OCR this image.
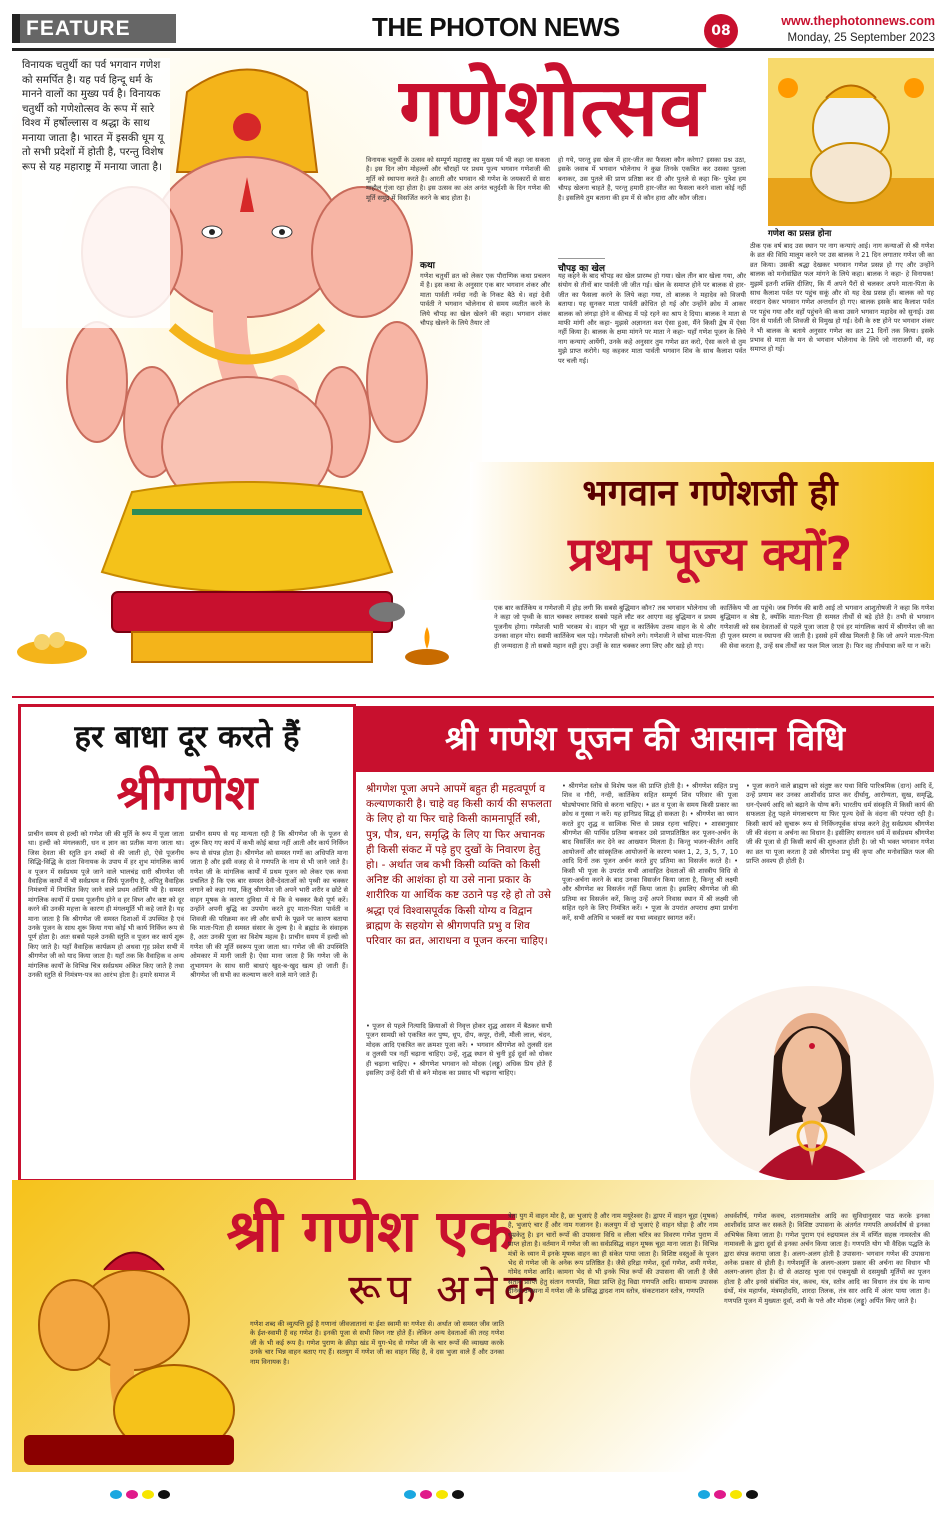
FEATURE	THE PHOTON NEWS	08
www.thephotonnews.com
Monday, 25 September 2023
विनायक चतुर्थी का पर्व भगवान गणेश को समर्पित है। यह पर्व हिन्दू धर्म के मानने वालों का मुख्य पर्व है। विनायक चतुर्थी को गणेशोत्सव के रूप में सारे विश्व में हर्षोल्लास व श्रद्धा के साथ मनाया जाता है। भारत में इसकी धूम यू तो सभी प्रदेशों में होती है, परन्तु विशेष रूप से यह महाराष्ट्र में मनाया जाता है।
गणेशोत्सव
विनायक चतुर्थी के उत्सव को सम्पूर्ण महाराष्ट्र का मुख्य पर्व भी कहा जा सकता है। इस दिन लोग मोहल्लों और चौराहों पर प्रथम पूज्य भगवान गणेशजी की मूर्ति को स्थापना करते है। आरती और भगवान श्री गणेश के जयकारों से सारा माहौल गूंजा रहा होता है। इस उत्सव का अंत अनंत चतुर्दशी के दिन गणेश की मूर्ति समुद्र में विसर्जित करने के बाद होता है।
हो गये, परन्तु इस खेल में हार-जीत का फैसला कौन करेगा? इसका प्रश्न उठा, इसके जवाब में भगवान भोलेनाथ ने कुछ तिनके एकत्रित कर उसका पुतला बनाकर, उस पुतले की प्राण प्रतिष्ठा कर दी और पुतले से कहा कि- पुत्रेश हम चौपड़ खेलना चाहते है, परन्तु हमारी हार-जीत का फैसला करने वाला कोई नहीं है। इसलिये तुम बताना की हम में से कौन हारा और कौन जीता।
कथा
गणेश चतुर्थी व्रत को लेकर एक पौराणिक कथा प्रचलन में है। इस कथा के अनुसार एक बार भगवान शंकर और माता पार्वती नर्मदा नदी के निकट बैठे थे। वहां देवी पार्वती ने भगवान भोलेनाथ से समय व्यतीत करने के लिये चौपड़ का खेल खेलने की कहा। भगवान शंकर चौपड़ खेलने के लिये तैयार तो
चौपड़ का खेल
यह कहने के बाद चौपड़ का खेल प्रारम्भ हो गया। खेल तीन बार खेला गया, और संयोग से तीनों बार पार्वती जी जीत गई। खेल के समाप्त होने पर बालक से हार-जीत का फैसला करने के लिये कहा गया, तो बालक ने महादेव को विजयी बताया। यह सुनकर माता पार्वती क्रोधित हो गई और उन्होंने क्रोध में आकर बालक को लंगड़ा होने व कीचड़ में पड़े रहने का श्राप दे दिया। बालक ने माता से माफी मांगी और कहा- मुझसे अज्ञानता वश ऐसा हुआ, मैंने किसी द्वेष में ऐसा नहीं किया है। बालक के क्षमा मांगने पर माता ने कहा- यहाँ गणेश पूजन के लिये नाग कन्याएं आयेंगी, उनके कहे अनुसार तुम गणेश व्रत करो, ऐसा करने से तुम मुझे प्राप्त करोगे। यह कहकर माता पार्वती भगवान शिव के साथ कैलाश पर्वत पर चली गई।
गणेश का प्रसन्न होना
ठीक एक वर्ष बाद उस स्थान पर नाग कन्याएं आई। नाग कन्याओं से श्री गणेश के व्रत की विधि मालूम करने पर उस बालक ने 21 दिन लगातार गणेश जी का व्रत किया। उसकी श्रद्धा देखकर भगवान गणेश प्रसन्न हो गए और उन्होंने बालक को मनोवांछित फल मांगने के लिये कहा। बालक ने कहा- हे विनायक! मुझमें इतनी शक्ति दीजिए, कि मैं अपने पैरों से चलकर अपने माता-पिता के साथ कैलाश पर्वत पर पहुंच सकूं और वो यह देख प्रसन्न हों। बालक को यह वरदान देकर भगवान गणेश अन्तर्धान हो गए। बालक इसके बाद कैलाश पर्वत पर पहुंच गया और वहाँ पहुंचने की कथा उसने भगवान महादेव को सुनाई। उस दिन से पार्वती जी शिवजी से विमुख हो गई। देवी के रुष्ट होने पर भगवान शंकर ने भी बालक के बताये अनुसार गणेश का व्रत 21 दिनों तक किया। इसके प्रभाव से माता के मन से भगवान भोलेनाथ के लिये जो नाराजगी थी, वह समाप्त हो गई।
भगवान गणेशजी ही
प्रथम पूज्य क्यों?
एक बार कार्तिकेय व गणेशजी में होड़ लगी कि सबसे बुद्धिमान कौन? तब भगवान भोलेनाथ जी ने कहा जो पृथ्वी के सात चक्कर लगाकर सबसे पहले लौट कर आएगा वह बुद्धिमान व प्रथम पूजनीय होगा। गणेशजी भारी भरकम थे। वाहन भी चूहा व कार्तिकेय उत्तम वाहन के थे और उनका वाहन मोर। स्वामी कार्तिकेय चल पड़े। गणेशजी सोचने लगे। गणेशजी ने सोचा माता-पिता ही जन्मदाता है तो सबसे महान वही हुए। उन्हीं के सात चक्कर लगा लिए और खड़े हो गए।
कार्तिकेय भी आ पहुंचे। जब निर्णय की बारी आई तो भगवान आशुतोषजी ने कहा कि गणेश बुद्धिमान व श्रेष्ठ है, क्योंकि माता-पिता ही समस्त तीर्थों से बड़े होते है। तभी से भगवान गणेशजी को सब देवताओं से पहले पूजा जाता है एवं हर मांगलिक कार्य में श्रीगणेश जी का ही पूजन स्मरण व स्थापना की जाती है। इससे हमें सीख मिलती है कि जो अपने माता-पिता की सेवा करता है, उन्हें सब तीर्थों का फल मिल जाता है। फिर वह तीर्थयात्रा करें या न करें।
हर बाधा दूर करते हैं
श्रीगणेश
प्राचीन समय से हल्दी को गणेश जी की मूर्ति के रूप में पूजा जाता था। हल्दी को मंगलकारी, धन व ज्ञान का प्रतीक माना जाता था। जिस देवता की स्तुति इन शब्दों से की जाती हो, ऐसे पूजनीय सिद्धि-विद्धि के दाता विनायक के उपाय में हर शुभ मांगलिक कार्य व पूजन में सर्वप्रथम पूजे जाने वाले भालचंद्र धारी श्रीगणेश जी वैवाहिक कार्यों में भी सर्वप्रथम व सिर्फ पूजनीय है, अपितु वैवाहिक निमंत्रणों में निमंत्रित किए जाने वाले प्रथम अतिथि भी है। समस्त मांगलिक कार्यों में प्रथम पूजनीय होने व हर विघ्न और कष्ट को दूर करने की उनकी महत्ता के कारण ही मंगलमूर्ति भी कहे जाते है। यह माना जाता है कि श्रीगणेश जी समस्त दिशाओं में उपस्थित है एवं उनके पूजन के साथ शुरू किया गया कोई भी कार्य निर्विघ्न रूप से पूर्ण होता है। अतः सबसे पहले उनकी स्तुति व पूजन कर कार्य शुरू किए जाते है। यहाँ वैवाहिक कार्यक्रम हो अथवा गृह प्रवेश सभी में श्रीगणेश जी को याद किया जाता है। यहाँ तक कि वैवाहिक व अन्य मांगलिक कार्यों के विभिन्न चित्र सर्वप्रथम अंकित किए जाते है तथा उनकी स्तुति से निमंत्रण-पत्र का आरंभ होता है। हमारे समाज में
प्राचीन समय से यह मान्यता रही है कि श्रीगणेश जी के पूजन से शुरू किए गए कार्य में कभी कोई बाधा नहीं आती और कार्य निर्विघ्न रूप से संपन्न होता है। श्रीगणेश को समस्त गणों का अधिपति माना जाता है और इसी वजह से वे गणपति के नाम से भी जाने जाते है। गणेश जी के मांगलिक कार्यों में प्रथम पूजन को लेकर एक कथा प्रचलित है कि एक बार समस्त देवी-देवताओं को पृथ्वी का चक्कर लगाने को कहा गया, किंतु श्रीगणेश जी अपने भारी शरीर व छोटे से वाहन मूषक के कारण दुविधा में थे कि वे चक्कर कैसे पूर्ण करें। उन्होंने अपनी बुद्धि का उपयोग करते हुए माता-पिता पार्वती व शिवजी की परिक्रमा कर ली और सभी के पूछने पर कारण बताया कि माता-पिता ही समस्त संसार के तुल्य है। वे ब्रह्मांड के संवाहक है, अतः उनकी पूजा का विशेष महत्व है। प्राचीन समय में हल्दी को गणेश जी की मूर्ति स्वरूप पूजा जाता था। गणेश जी की उपस्थिति ओमकार में मानी जाती है। ऐसा माना जाता है कि गणेश जी के शुभागमन के साथ सारी बाधाएं खुद-ब-खुद खत्म हो जाती हैं। श्रीगणेश जी सभी का कल्याण करने वाले माने जाते हैं।
श्री गणेश पूजन की आसान विधि
श्रीगणेश पूजा अपने आपमें बहुत ही महत्वपूर्ण व कल्याणकारी है। चाहे वह किसी कार्य की सफलता के लिए हो या फिर चाहे किसी कामनापूर्ति स्त्री, पुत्र, पौत्र, धन, समृद्धि के लिए या फिर अचानक ही किसी संकट में पड़े हुए दुखों के निवारण हेतु हो। - अर्थात जब कभी किसी व्यक्ति को किसी अनिष्ट की आशंका हो या उसे नाना प्रकार के शारीरिक या आर्थिक कष्ट उठाने पड़ रहे हो तो उसे श्रद्धा एवं विश्वासपूर्वक किसी योग्य व विद्वान ब्राह्मण के सहयोग से श्रीगणपति प्रभु व शिव परिवार का व्रत, आराधना व पूजन करना चाहिए।
• पूजन से पहले नित्यादि क्रियाओं से निवृत्त होकर शुद्ध आसन में बैठकर सभी पूजन सामग्री को एकत्रित कर पुष्प, धूप, दीप, कपूर, रोली, मौली लाल, चंदन, मोदक आदि एकत्रित कर क्रमशः पूजा करें। • भगवान श्रीगणेश को तुलसी दल व तुलसी पत्र नहीं चढ़ाना चाहिए। उन्हें, शुद्ध स्थान से चुनी हुई दूर्वा को धोकर ही चढ़ाना चाहिए। • श्रीगणेश भगवान को मोदक (लड्डू) अधिक प्रिय होते हैं इसलिए उन्हें देशी घी से बने मोदक का प्रसाद भी चढ़ाना चाहिए।
• श्रीगणेश स्तोत्र से विशेष फल की प्राप्ति होती है। • श्रीगणेश सहित प्रभु शिव व गौरी, नन्दी, कार्तिकेय सहित सम्पूर्ण शिव परिवार की पूजा षोडषोपचार विधि से करना चाहिए। • व्रत व पूजा के समय किसी प्रकार का क्रोध व गुस्सा न करें। यह हानिप्रद सिद्ध हो सकता है। • श्रीगणेश का ध्यान करते हुए शुद्ध व सात्विक चित्त से प्रसन्न रहना चाहिए। • शास्त्रानुसार श्रीगणेश की पार्थिव प्रतिमा बनाकर उसे प्राणप्रतिष्ठित कर पूजन-अर्चन के बाद विसर्जित कर देने का आख्यान मिलता है। किन्तु भजन-कीर्तन आदि आयोजनों और सांस्कृतिक आयोजनों के कारण भक्त 1, 2, 3, 5, 7, 10 आदि दिनों तक पूजन अर्चन करते हुए प्रतिमा का विसर्जन करते है। • किसी भी पूजा के उपरांत सभी आवाहित देवताओं की शास्त्रीय विधि से पूजा-अर्चना करने के बाद उनका विसर्जन किया जाता है, किन्तु श्री लक्ष्मी और श्रीगणेश का विसर्जन नहीं किया जाता है। इसलिए श्रीगणेश जी की प्रतिमा का विसर्जन करें, किन्तु उन्हें अपने निवास स्थान में श्री लक्ष्मी जी सहित रहने के लिए निमंत्रित करें। • पूजा के उपरांत अपराध क्षमा प्रार्थना करें, सभी अतिथि व भक्तों का यथा व्यवहार स्वागत करें।
• पूजा कराने वाले ब्राह्मण को संतुष्ट कर यथा विधि पारिश्रमिक (दान) आदि दें, उन्हें प्रणाम कर उनका आशीर्वाद प्राप्त कर दीर्घायु, आरोग्यता, सुख, समृद्धि, धन-ऐश्वर्य आदि को बढ़ाने के योग्य बनें। भारतीय धर्म संस्कृति में किसी कार्य की सफलता हेतु पहले मंगलाचरण या फिर पूज्य देवों के वंदना की परंपरा रही है। किसी कार्य को सुचारू रूप से निर्विघ्नपूर्वक संपन्न करने हेतु सर्वप्रथम श्रीगणेश जी की वंदना व अर्चना का विधान है। इसीलिए सनातन धर्म में सर्वप्रथम श्रीगणेश जी की पूजा से ही किसी कार्य की शुरुआत होती है। जो भी भक्त भगवान गणेश का व्रत या पूजा करता है उसे श्रीगणेश प्रभु की कृपा और मनोवांछित फल की प्राप्ति अवश्य ही होती है।
श्री गणेश एक
रूप अनेक
गणेश शब्द की व्युत्पत्ति हुई है गणानां जीवजातानां यः ईशः स्वामी सः गणेशः से। अर्थात जो समस्त जीव जाति के ईश-स्वामी हैं वह गणेश है। इनकी पूजा से सभी विघ्न नष्ट होते हैं। लेकिन अन्य देवताओं की तरह गणेश जी के भी कई रूप है। गणेश पुराण के क्रीड़ा खंड में युग-भेद से गणेश जी के चार रूपों की व्याख्या करके उनके चार भिन्न वाहन बताए गए हैं। सतयुग में गणेश जी का वाहन सिंह है, वे दस भुजा वाले हैं और उनका नाम विनायक है।
त्रेता युग में वाहन मोर है, छः भुजाएं है और नाम मयूरेश्वर है। द्वापर में वाहन चूहा (मूषक) है, भुजाएं चार हैं और नाम गजानन है। कलयुग में दो भुजाएं है वाहन घोड़ा है और नाम धूम्रकेतु है। इन चारों रूपों की उपासना विधि व लीला चरित्र का विवरण गणेश पुराण में प्राप्त होता है। वर्तमान में गणेश जी का सर्वप्रसिद्ध वाहन मूषक चूहा माना जाता है। विभिन्न मंत्रों के ध्यान में इनके मूषक वाहन का ही संकेत पाया जाता है। विशिष्ट वस्तुओं के पूजन भेद से गणेश जी के अनेक रूप प्रतिष्ठित है। जैसे हरिद्रा गणेश, दूर्वा गणेश, शमी गणेश, गोमेद गणेश आदि। कामना भेद से भी इनके भिन्न रूपों की उपासना की जाती है जैसे संतान प्राप्ति हेतु संतान गणपति, विद्या प्राप्ति हेतु विद्या गणपति आदि। सामान्य उपासक दैनिक उपासना में गणेश जी के प्रसिद्ध द्वादश नाम स्तोत्र, संकटनाशन स्तोत्र, गणपति
अथर्वशीर्ष, गणेश कवच, शतनामस्तोत्र आदि का सुविधानुसार पाठ करके इनका आशीर्वाद प्राप्त कर सकते है। विशिष्ट उपासना के अंतर्गत गणपति अथर्वशीर्ष से इनका अभिषेक किया जाता है। गणेश पुराण एवं रुद्रयामल तंत्र में वर्णित सहस्र नामस्तोत्र की नामावली के द्वारा दूर्वा से इनका अर्चन किया जाता है। गणपति योग भी वैदिक पद्धति के द्वारा संपन्न कराया जाता है। अलग-अलग होती है उपासना- भगवान गणेश की उपासना अनेक प्रकार से होती है। गणेशमूर्ति के अलग-अलग प्रकार की अर्चना का विधान भी अलग-अलग होता है। दो से अठारह भुजा एवं एकमुखी से दसमुखी मूर्तियों का पूजन होता है और इनसे संबंधित मंत्र, कवच, यंत्र, स्तोत्र आदि का विधान तंत्र ग्रंथ के मान्य ग्रंथों, मंत्र महार्णव, मंत्रमहोदधि, शारदा तिलक, तंत्र सार आदि में अंतर पाया जाता है। गणपति पूजन में मुख्यतः दूर्वा, शमी के पत्ते और मोदक (लड्डू) अर्पित किए जाते है।
